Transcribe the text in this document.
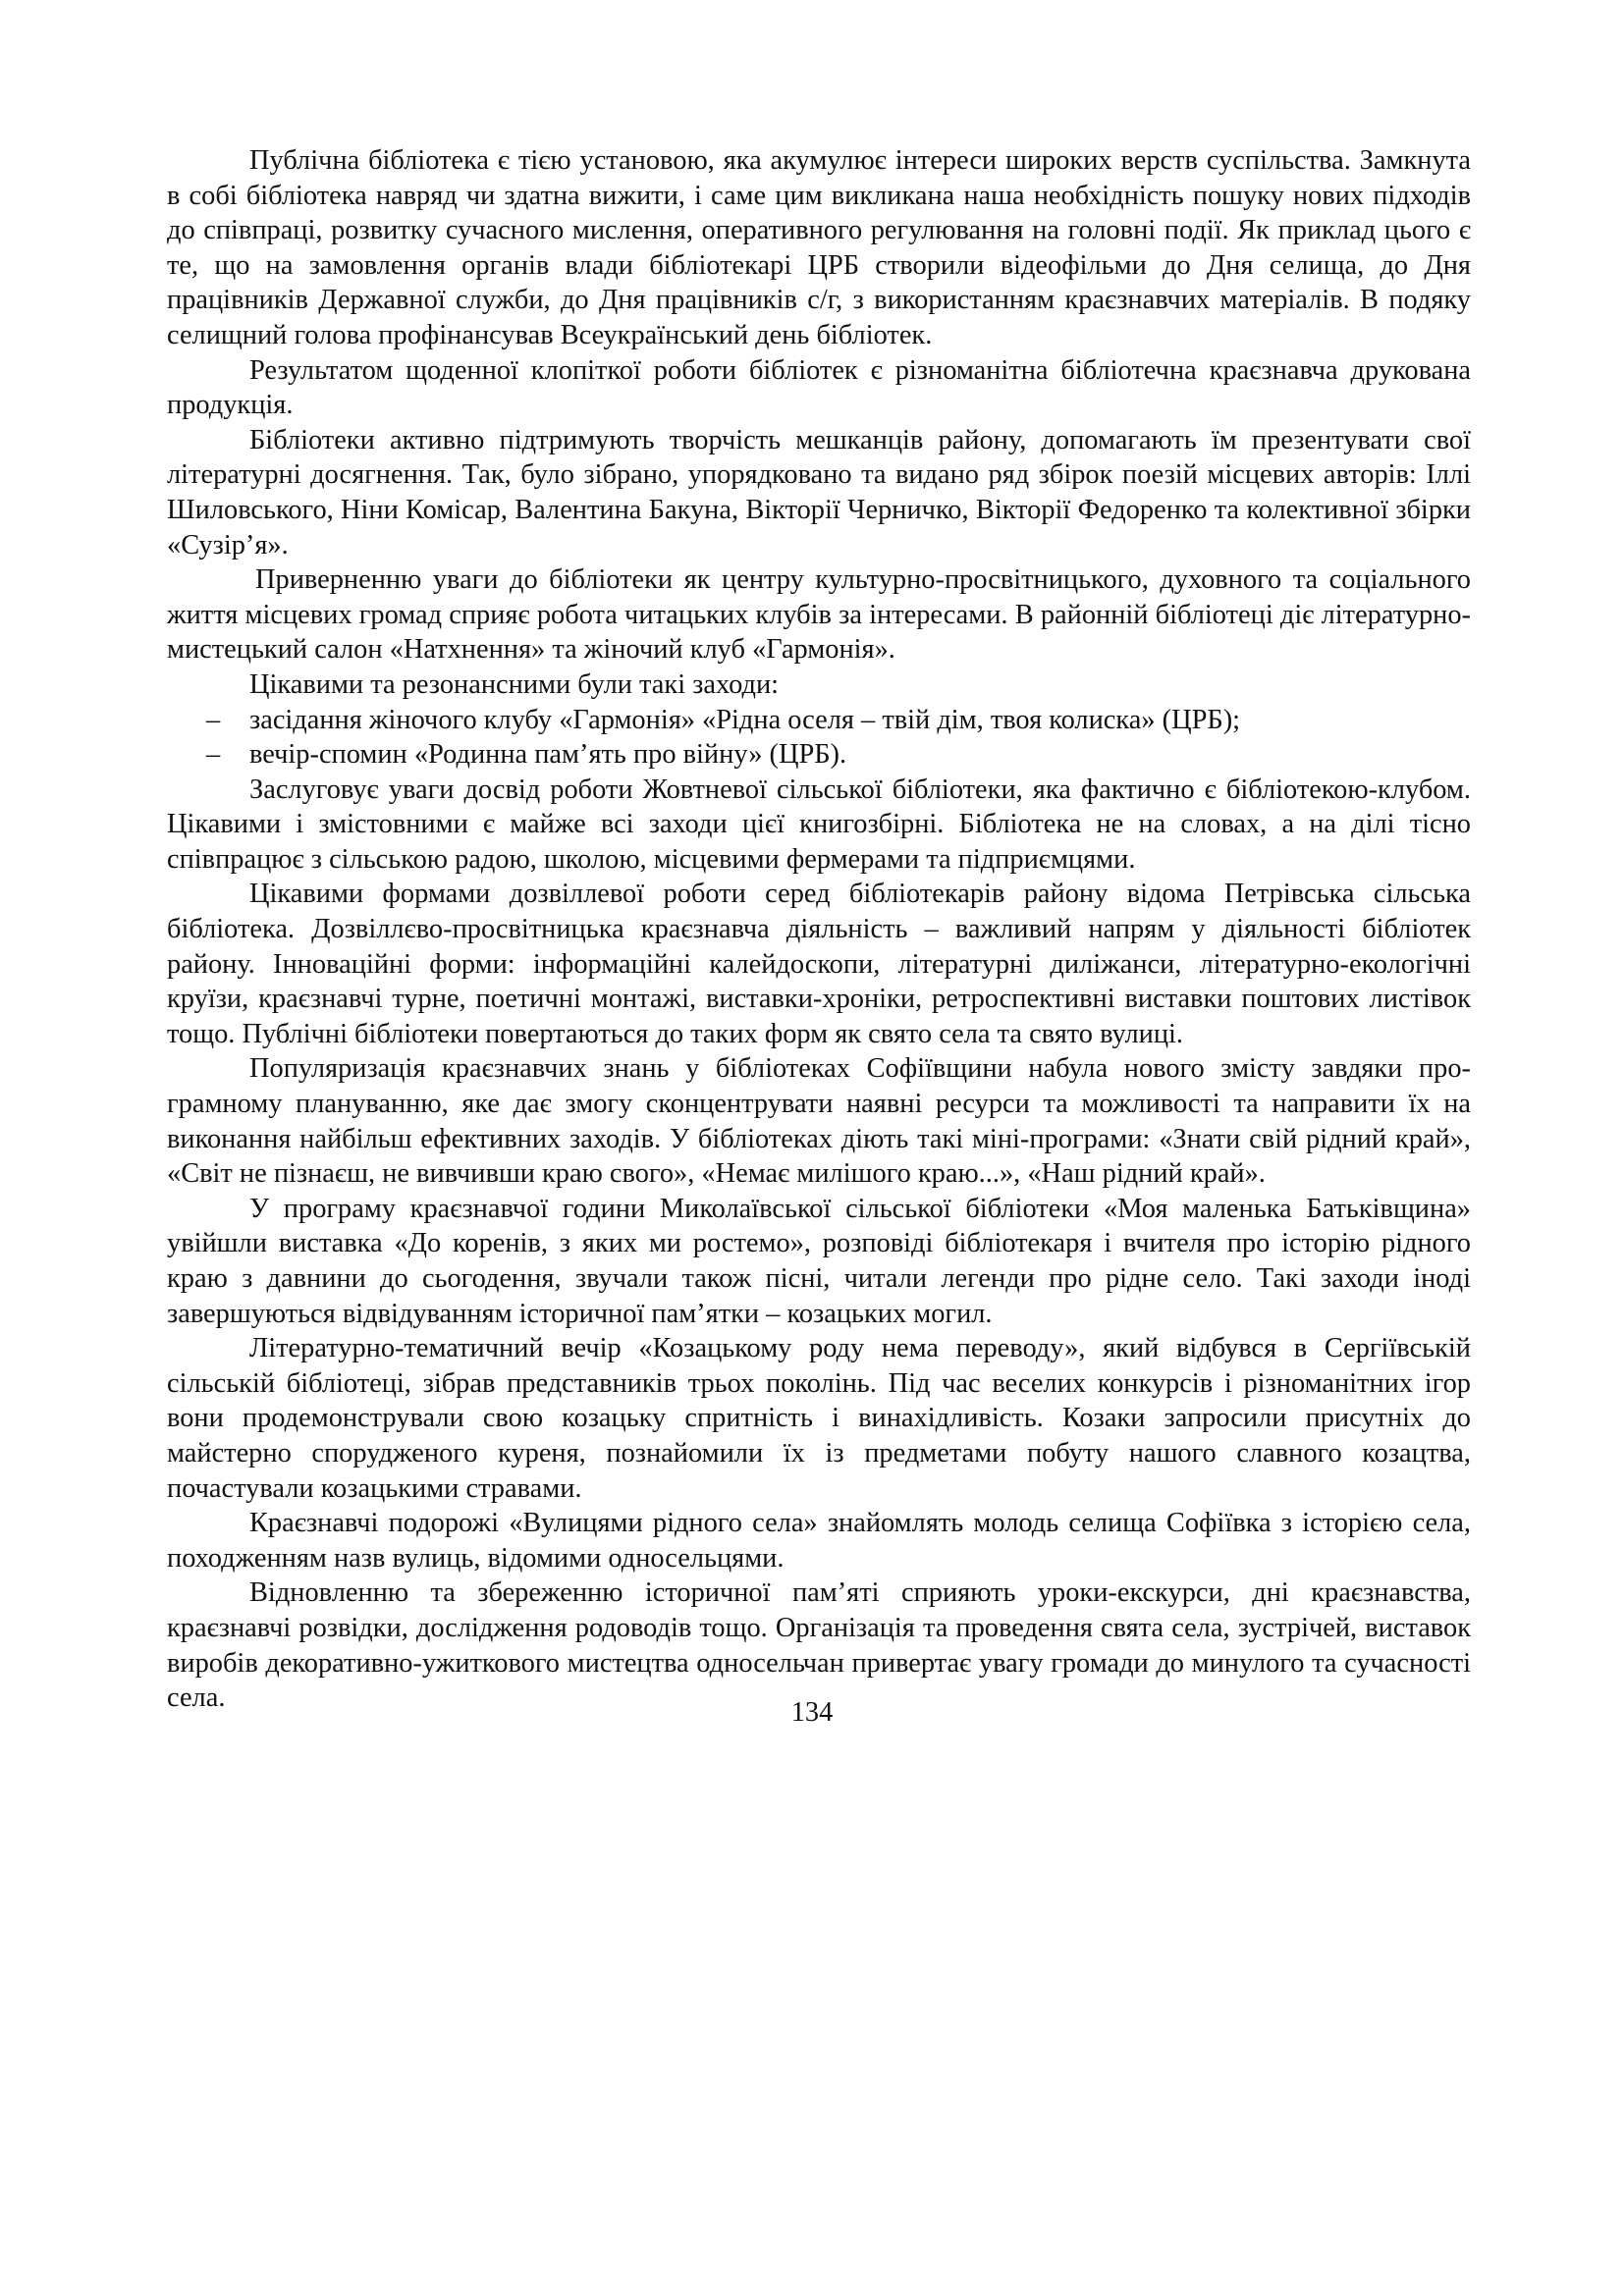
Публічна бібліотека є тією установою, яка акумулює інтереси широких верств суспільства. Замкнута в собі бібліотека навряд чи здатна вижити, і саме цим викликана наша необхідність пошуку нових підходів до співпраці, розвитку сучасного мислення, оперативного регулювання на головні події. Як приклад цього є те, що на замовлення органів влади бібліотекарі ЦРБ створили відеофільми до Дня селища, до Дня працівників Державної служби, до Дня працівників с/г, з використанням краєзнавчих матеріалів. В подяку селищний голова профінансував Всеукраїнський день бібліотек.

Результатом щоденної клопіткої роботи бібліотек є різноманітна бібліотечна краєзнавча друкована продукція.

Бібліотеки активно підтримують творчість мешканців району, допомагають їм презентувати свої літературні досягнення. Так, було зібрано, упорядковано та видано ряд збірок поезій місцевих авторів: Іллі Шиловського, Ніни Комісар, Валентина Бакуна, Вікторії Черничко, Вікторії Федоренко та колективної збірки «Сузір’я».

Приверненню уваги до бібліотеки як центру культурно-просвітницького, духовного та соціального життя місцевих громад сприяє робота читацьких клубів за інтересами. В районній бібліотеці діє літературно-мистецький салон «Натхнення» та жіночий клуб «Гармонія».

Цікавими та резонансними були такі заходи:

– засідання жіночого клубу «Гармонія» «Рідна оселя – твій дім, твоя колиска» (ЦРБ);
– вечір-спомин «Родинна пам’ять про війну» (ЦРБ).

Заслуговує уваги досвід роботи Жовтневої сільської бібліотеки, яка фактично є бібліотекою-клубом. Цікавими і змістовними є майже всі заходи цієї книгозбірні. Бібліотека не на словах, а на ділі тісно співпрацює з сільською радою, школою, місцевими фермерами та підприємцями.

Цікавими формами дозвіллевої роботи серед бібліотекарів району відома Петрівська сільська бібліотека. Дозвіллєво-просвітницька краєзнавча діяльність – важливий напрям у діяльності бібліотек району. Інноваційні форми: інформаційні калейдоскопи, літературні диліжанси, літературно-екологічні круїзи, краєзнавчі турне, поетичні монтажі, виставки-хроніки, ретроспективні виставки поштових листівок тощо. Публічні бібліотеки повертаються до таких форм як свято села та свято вулиці.

Популяризація краєзнавчих знань у бібліотеках Софіївщини набула нового змісту завдяки програмному плануванню, яке дає змогу сконцентрувати наявні ресурси та можливості та направити їх на виконання найбільш ефективних заходів. У бібліотеках діють такі міні-програми: «Знати свій рідний край», «Світ не пізнаєш, не вивчивши краю свого», «Немає милішого краю...», «Наш рідний край».

У програму краєзнавчої години Миколаївської сільської бібліотеки «Моя маленька Батьківщина» увійшли виставка «До коренів, з яких ми ростемо», розповіді бібліотекаря і вчителя про історію рідного краю з давнини до сьогодення, звучали також пісні, читали легенди про рідне село. Такі заходи іноді завершуються відвідуванням історичної пам’ятки – козацьких могил.

Літературно-тематичний вечір «Козацькому роду нема переводу», який відбувся в Сергіївській сільській бібліотеці, зібрав представників трьох поколінь. Під час веселих конкурсів і різноманітних ігор вони продемонстрували свою козацьку спритність і винахідливість. Козаки запросили присутніх до майстерно спорудженого куреня, познайомили їх із предметами побуту нашого славного козацтва, почастували козацькими стравами.

Краєзнавчі подорожі «Вулицями рідного села» знайомлять молодь селища Софіївка з історією села, походженням назв вулиць, відомими односельцями.

Відновленню та збереженню історичної пам’яті сприяють уроки-екскурси, дні краєзнавства, краєзнавчі розвідки, дослідження родоводів тощо. Організація та проведення свята села, зустрічей, виставок виробів декоративно-ужиткового мистецтва односельчан привертає увагу громади до минулого та сучасності села.	134
